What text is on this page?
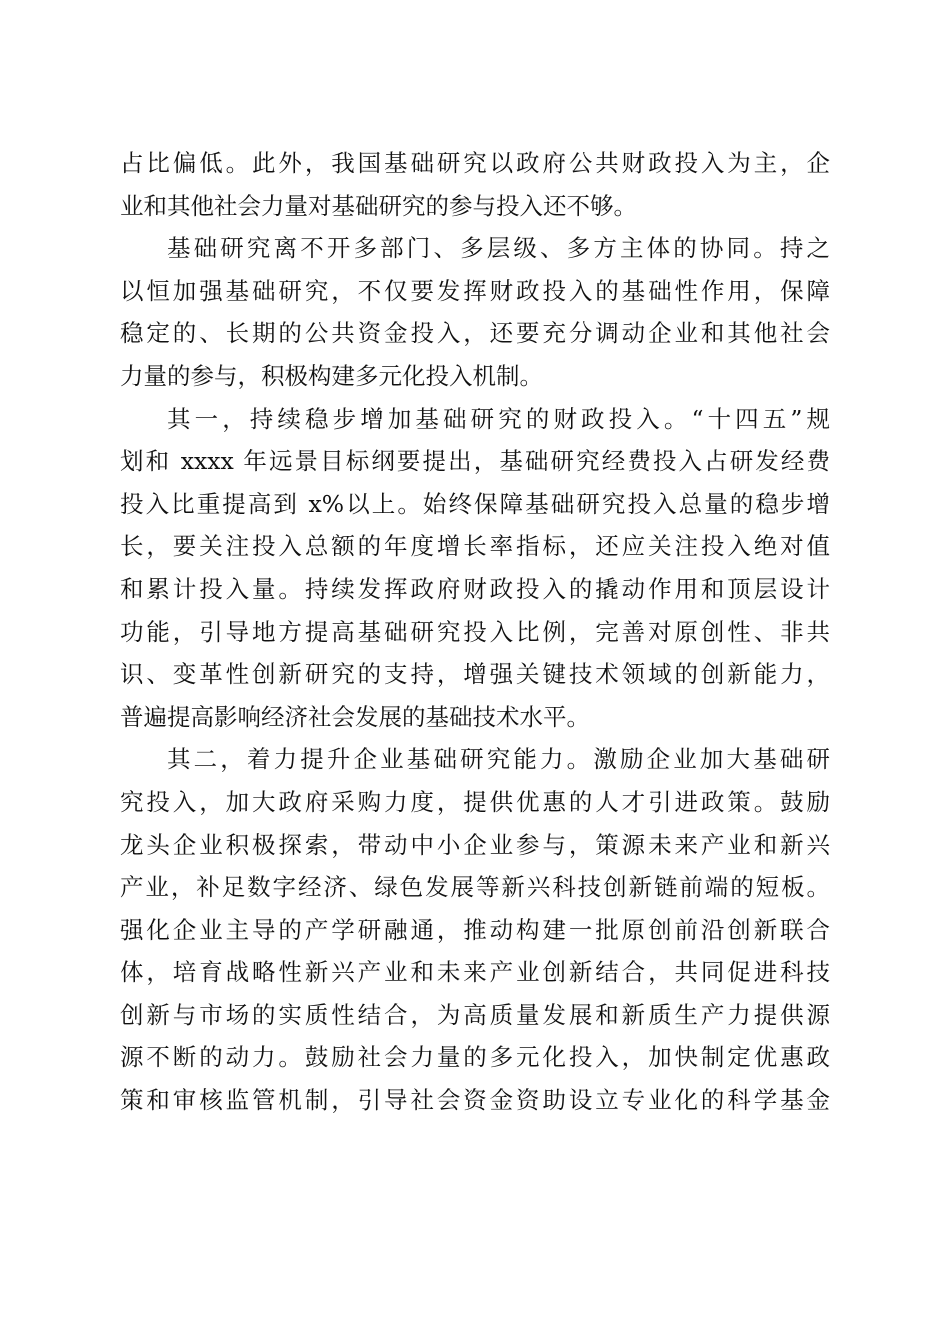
占比偏低。此外，我国基础研究以政府公共财政投入为主，企
业和其他社会力量对基础研究的参与投入还不够。
基础研究离不开多部门、多层级、多方主体的协同。持之
以恒加强基础研究，不仅要发挥财政投入的基础性作用，保障
稳定的、长期的公共资金投入，还要充分调动企业和其他社会
力量的参与，积极构建多元化投入机制。
其一，持续稳步增加基础研究的财政投入。“十四五”规
划和 xxxx 年远景目标纲要提出，基础研究经费投入占研发经费
投入比重提高到 x%以上。始终保障基础研究投入总量的稳步增
长，要关注投入总额的年度增长率指标，还应关注投入绝对值
和累计投入量。持续发挥政府财政投入的撬动作用和顶层设计
功能，引导地方提高基础研究投入比例，完善对原创性、非共
识、变革性创新研究的支持，增强关键技术领域的创新能力，
普遍提高影响经济社会发展的基础技术水平。
其二，着力提升企业基础研究能力。激励企业加大基础研
究投入，加大政府采购力度，提供优惠的人才引进政策。鼓励
龙头企业积极探索，带动中小企业参与，策源未来产业和新兴
产业，补足数字经济、绿色发展等新兴科技创新链前端的短板。
强化企业主导的产学研融通，推动构建一批原创前沿创新联合
体，培育战略性新兴产业和未来产业创新结合，共同促进科技
创新与市场的实质性结合，为高质量发展和新质生产力提供源
源不断的动力。鼓励社会力量的多元化投入，加快制定优惠政
策和审核监管机制，引导社会资金资助设立专业化的科学基金
